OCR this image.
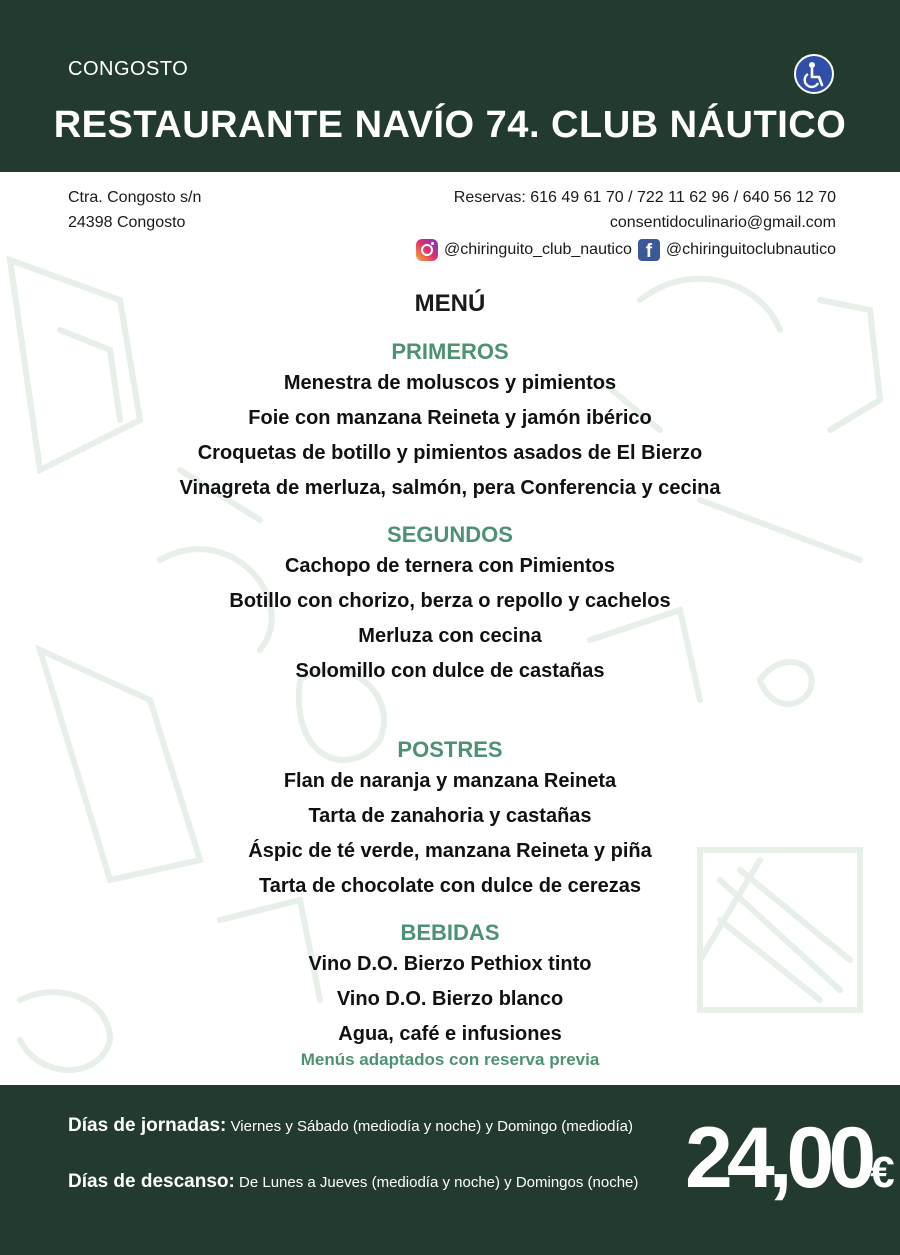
CONGOSTO
RESTAURANTE NAVÍO 74. CLUB NÁUTICO
Ctra. Congosto s/n
24398 Congosto
Reservas: 616 49 61 70 / 722 11 62 96 / 640 56 12 70
consentidoculinario@gmail.com
@chiringuito_club_nautico f @chiringuitoclubnautico
MENÚ
PRIMEROS
Menestra de moluscos y pimientos
Foie con manzana Reineta y jamón ibérico
Croquetas de botillo y pimientos asados de El Bierzo
Vinagreta de merluza, salmón, pera Conferencia y cecina
SEGUNDOS
Cachopo de ternera con Pimientos
Botillo con chorizo, berza o repollo y cachelos
Merluza con cecina
Solomillo con dulce de castañas
POSTRES
Flan de naranja y manzana Reineta
Tarta de zanahoria y castañas
Áspic de té verde, manzana Reineta y piña
Tarta de chocolate con dulce de cerezas
BEBIDAS
Vino D.O. Bierzo Pethiox tinto
Vino D.O. Bierzo blanco
Agua, café e infusiones
Menús adaptados con reserva previa
Días de jornadas: Viernes y Sábado (mediodía y noche) y Domingo (mediodía)
Días de descanso: De Lunes a Jueves (mediodía y noche) y Domingos (noche) 24,00€
